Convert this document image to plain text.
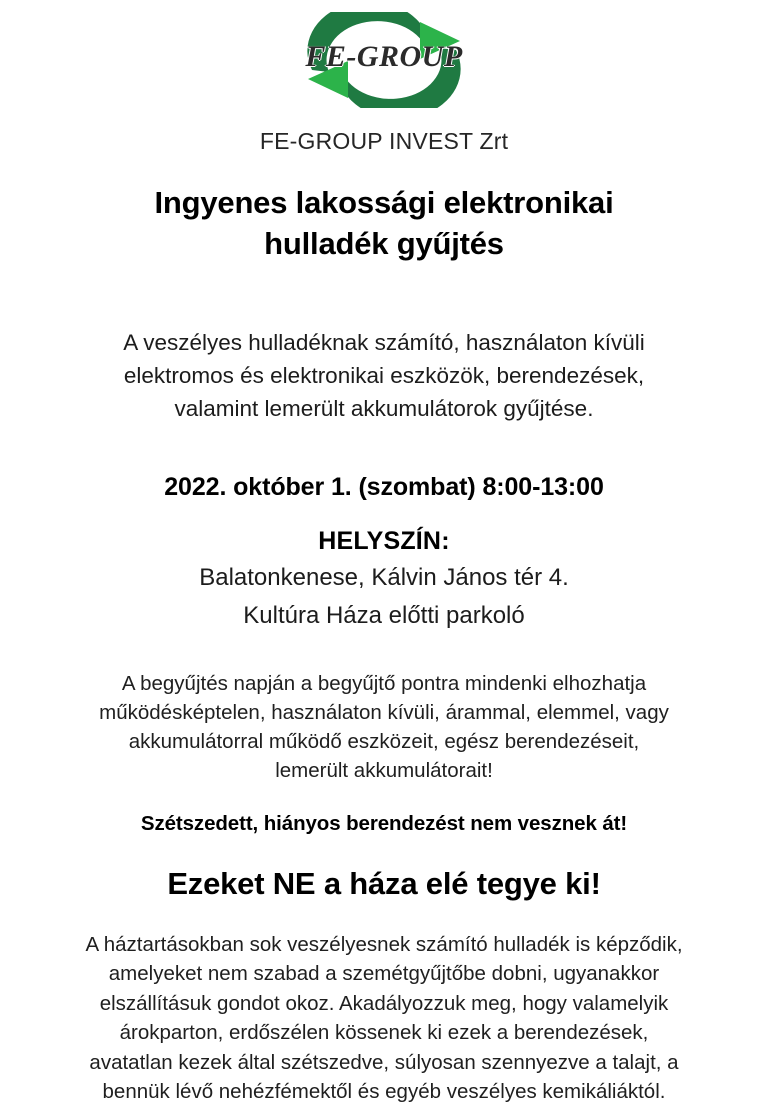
FE-GROUP
FE-GROUP INVEST Zrt
Ingyenes lakossági elektronikai
hulladék gyűjtés

A veszélyes hulladéknak számító, használaton kívüli
elektromos és elektronikai eszközök, berendezések,
valamint lemerült akkumulátorok gyűjtése.

2022. október 1. (szombat) 8:00-13:00
HELYSZÍN:
Balatonkenese, Kálvin János tér 4.
Kultúra Háza előtti parkoló

A begyűjtés napján a begyűjtő pontra mindenki elhozhatja
működésképtelen, használaton kívüli, árammal, elemmel, vagy
akkumulátorral működő eszközeit, egész berendezéseit,
lemerült akkumulátorait!

Szétszedett, hiányos berendezést nem vesznek át!
Ezeket NE a háza elé tegye ki!

A háztartásokban sok veszélyesnek számító hulladék is képződik,
amelyeket nem szabad a szemétgyűjtőbe dobni, ugyanakkor
elszállításuk gondot okoz. Akadályozzuk meg, hogy valamelyik
árokparton, erdőszélen kössenek ki ezek a berendezések,
avatatlan kezek által szétszedve, súlyosan szennyezve a talajt, a
bennük lévő nehézfémektől és egyéb veszélyes kemikáliáktól.
